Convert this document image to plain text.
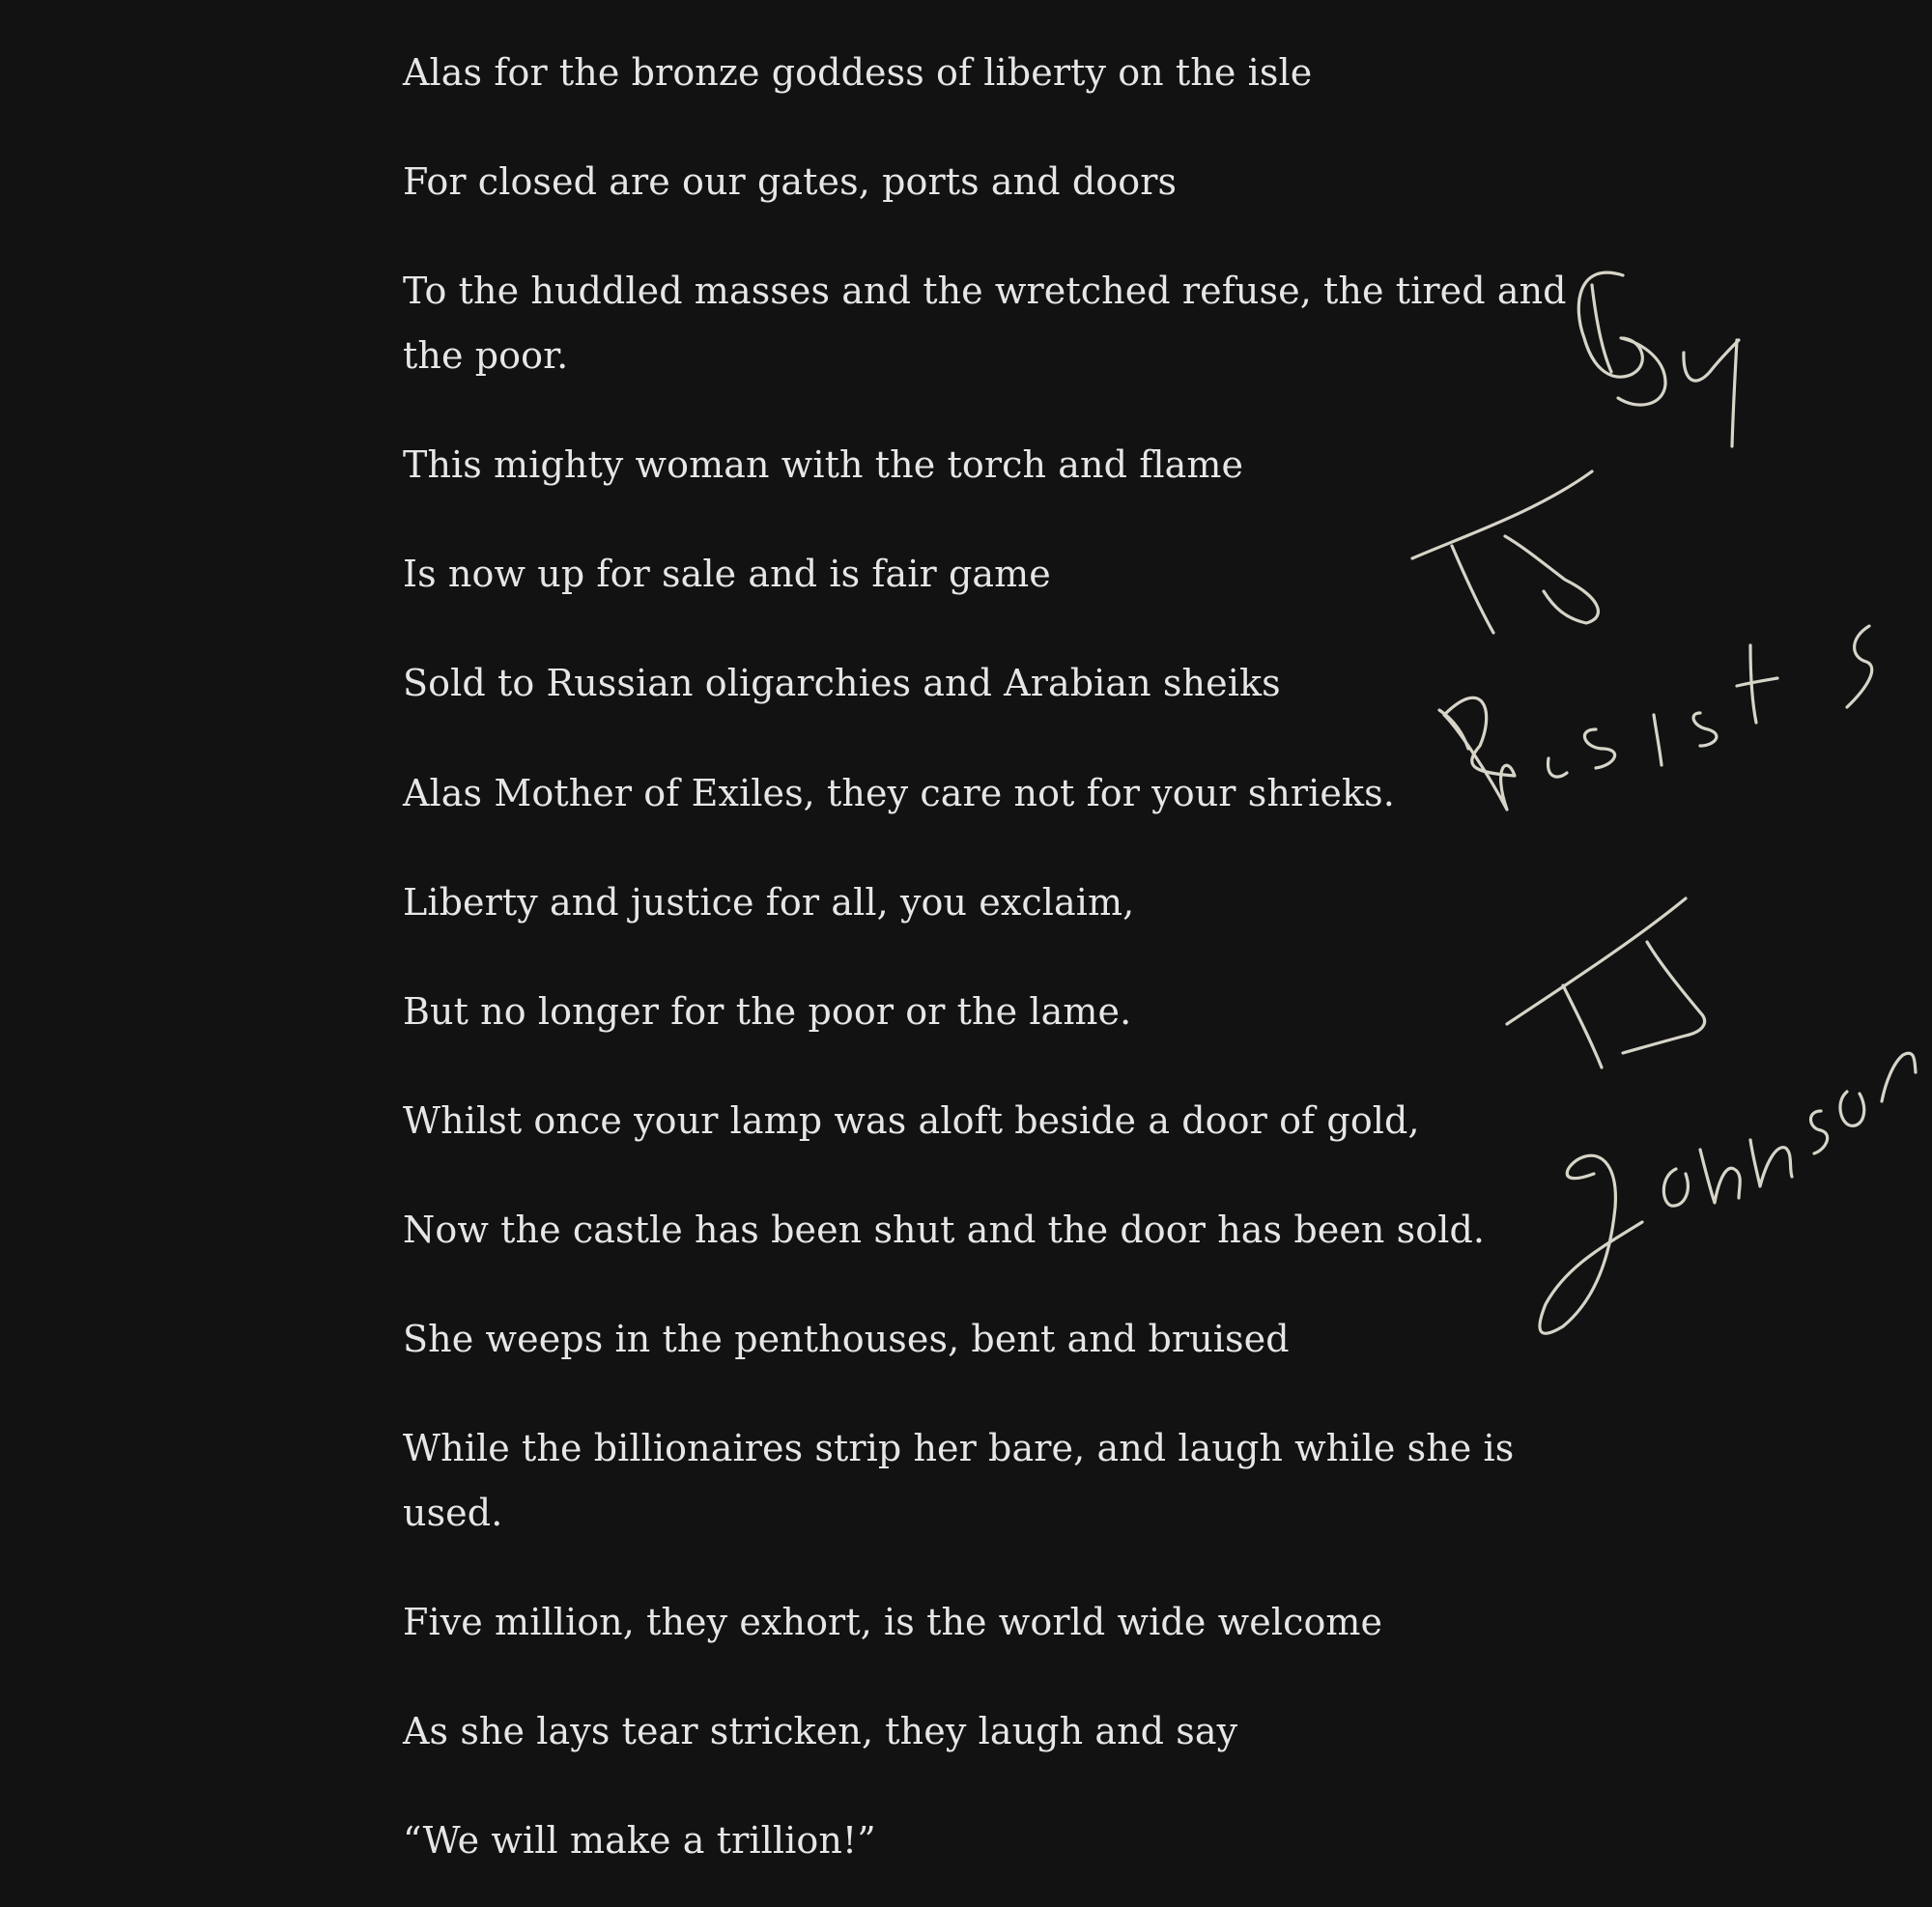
Alas for the bronze goddess of liberty on the isle

For closed are our gates, ports and doors

To the huddled masses and the wretched refuse, the tired and

the poor.

This mighty woman with the torch and flame

Is now up for sale and is fair game

Sold to Russian oligarchies and Arabian sheiks

Alas Mother of Exiles, they care not for your shrieks.

Liberty and justice for all, you exclaim,

But no longer for the poor or the lame.

Whilst once your lamp was aloft beside a door of gold,

Now the castle has been shut and the door has been sold.

She weeps in the penthouses, bent and bruised

While the billionaires strip her bare, and laugh while she is

used.

Five million, they exhort, is the world wide welcome

As she lays tear stricken, they laugh and say

“We will make a trillion!”
